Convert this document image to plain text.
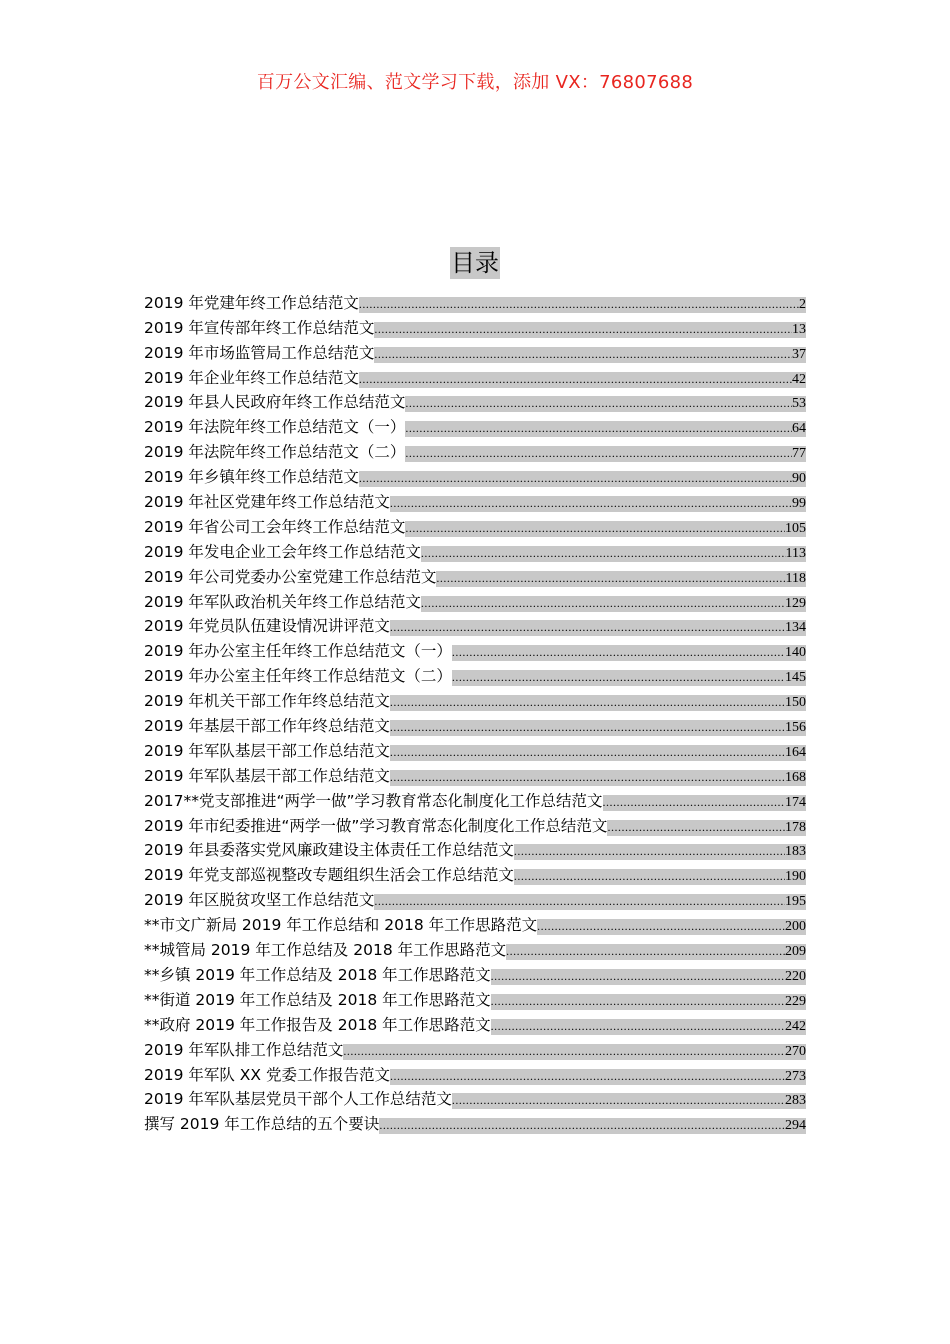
百万公文汇编、范文学习下载，添加 VX：76807688
目录
2019 年党建年终工作总结范文 .....	2
2019 年宣传部年终工作总结范文 .....	13
2019 年市场监管局工作总结范文 .....	37
2019 年企业年终工作总结范文 .....	42
2019 年县人民政府年终工作总结范文 .....	53
2019 年法院年终工作总结范文（一） .....	64
2019 年法院年终工作总结范文（二） .....	77
2019 年乡镇年终工作总结范文 .....	90
2019 年社区党建年终工作总结范文 .....	99
2019 年省公司工会年终工作总结范文 .....	105
2019 年发电企业工会年终工作总结范文 .....	113
2019 年公司党委办公室党建工作总结范文 .....	118
2019 年军队政治机关年终工作总结范文 .....	129
2019 年党员队伍建设情况讲评范文 .....	134
2019 年办公室主任年终工作总结范文（一） .....	140
2019 年办公室主任年终工作总结范文（二） .....	145
2019 年机关干部工作年终总结范文 .....	150
2019 年基层干部工作年终总结范文 .....	156
2019 年军队基层干部工作总结范文 .....	164
2019 年军队基层干部工作总结范文 .....	168
2017**党支部推进“两学一做”学习教育常态化制度化工作总结范文 .....	174
2019 年市纪委推进“两学一做”学习教育常态化制度化工作总结范文 .....	178
2019 年县委落实党风廉政建设主体责任工作总结范文 .....	183
2019 年党支部巡视整改专题组织生活会工作总结范文 .....	190
2019 年区脱贫攻坚工作总结范文 .....	195
**市文广新局 2019 年工作总结和 2018 年工作思路范文 .....	200
**城管局 2019 年工作总结及 2018 年工作思路范文 .....	209
**乡镇 2019 年工作总结及 2018 年工作思路范文 .....	220
**街道 2019 年工作总结及 2018 年工作思路范文 .....	229
**政府 2019 年工作报告及 2018 年工作思路范文 .....	242
2019 年军队排工作总结范文 .....	270
2019 年军队 XX 党委工作报告范文 .....	273
2019 年军队基层党员干部个人工作总结范文 .....	283
撰写 2019 年工作总结的五个要诀 .....	294
